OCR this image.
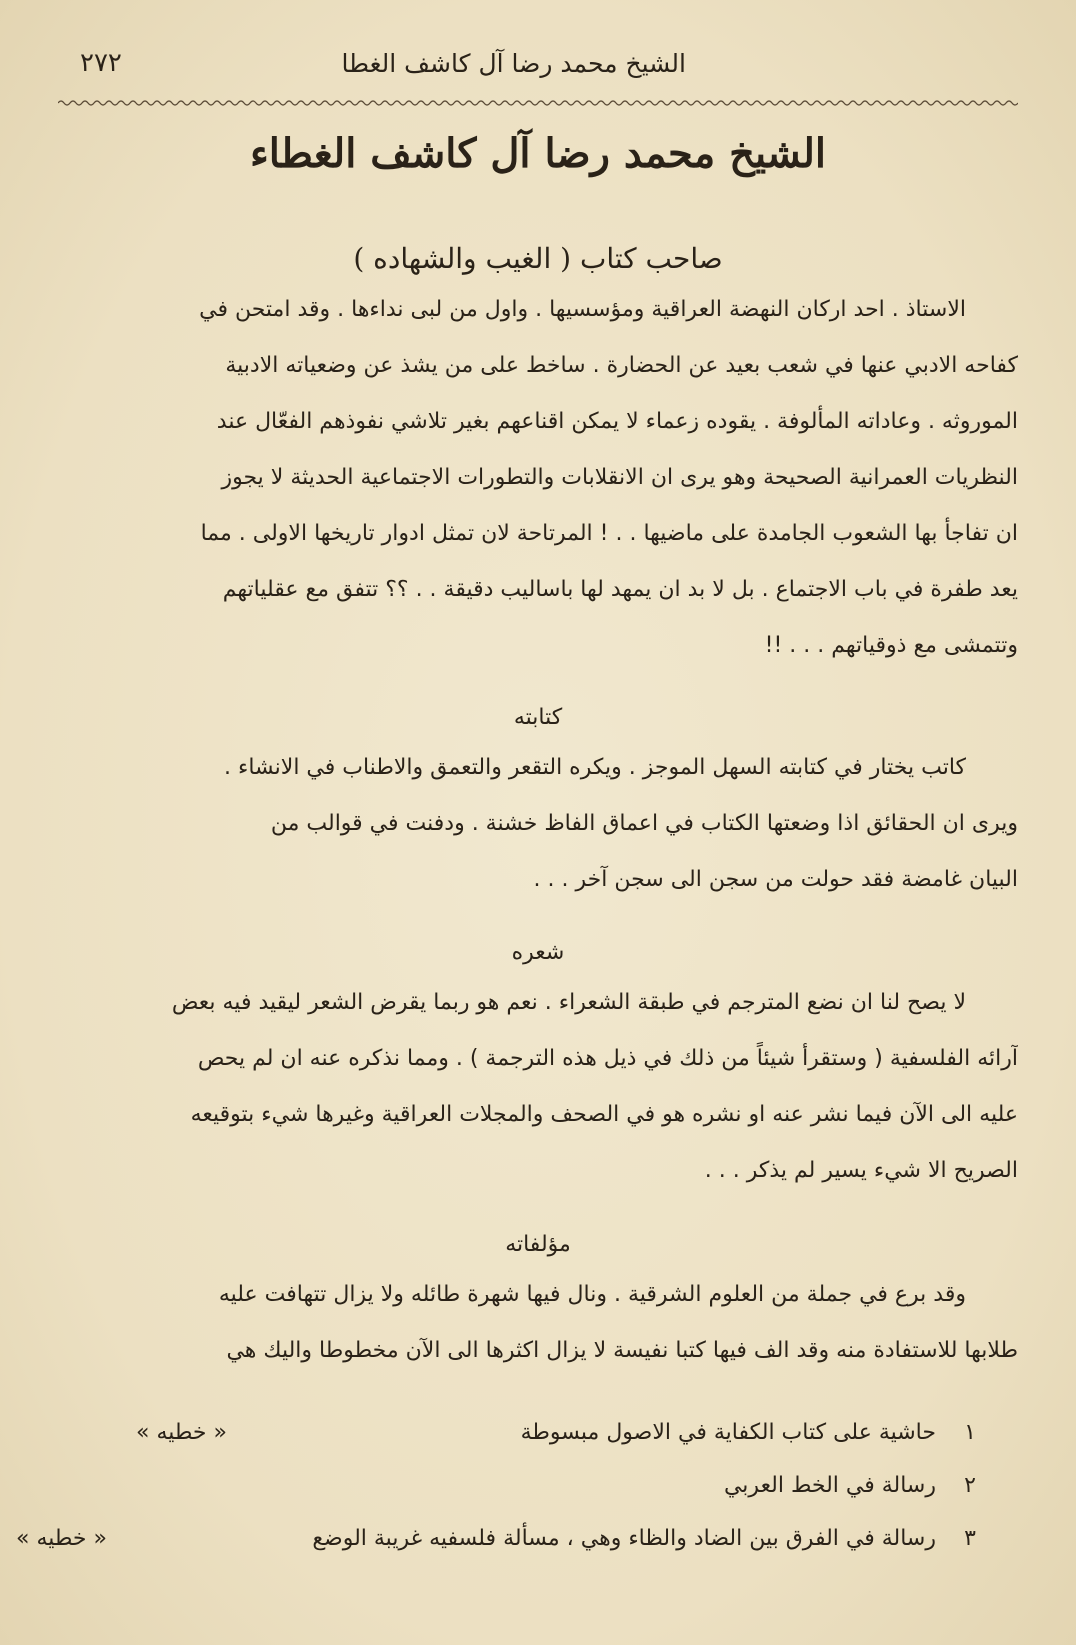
٢٧٢	الشيخ محمد رضا آل كاشف الغطا
الشيخ محمد رضا آل كاشف الغطاء
صاحب كتاب ( الغيب والشهاده )
الاستاذ . احد اركان النهضة العراقية ومؤسسيها . واول من لبى نداءها . وقد امتحن في
كفاحه الادبي عنها في شعب بعيد عن الحضارة . ساخط على من يشذ عن وضعياته الادبية
الموروثه . وعاداته المألوفة . يقوده زعماء لا يمكن اقناعهم بغير تلاشي نفوذهم الفعّال عند
النظريات العمرانية الصحيحة وهو يرى ان الانقلابات والتطورات الاجتماعية الحديثة لا يجوز
ان تفاجأ بها الشعوب الجامدة على ماضيها . . ! المرتاحة لان تمثل ادوار تاريخها الاولى . مما
يعد طفرة في باب الاجتماع . بل لا بد ان يمهد لها باساليب دقيقة . . ؟؟ تتفق مع عقلياتهم
وتتمشى مع ذوقياتهم . . . !!
كتابته
كاتب يختار في كتابته السهل الموجز . ويكره التقعر والتعمق والاطناب في الانشاء .
ويرى ان الحقائق اذا وضعتها الكتاب في اعماق الفاظ خشنة . ودفنت في قوالب من
البيان غامضة فقد حولت من سجن الى سجن آخر . . .
شعره
لا يصح لنا ان نضع المترجم في طبقة الشعراء . نعم هو ربما يقرض الشعر ليقيد فيه بعض
آرائه الفلسفية ( وستقرأ شيئاً من ذلك في ذيل هذه الترجمة ) . ومما نذكره عنه ان لم يحص
عليه الى الآن فيما نشر عنه او نشره هو في الصحف والمجلات العراقية وغيرها شيء بتوقيعه
الصريح الا شيء يسير لم يذكر . . .
مؤلفاته
وقد برع في جملة من العلوم الشرقية . ونال فيها شهرة طائله ولا يزال تتهافت عليه
طلابها للاستفادة منه وقد الف فيها كتبا نفيسة لا يزال اكثرها الى الآن مخطوطا واليك هي
١
حاشية على كتاب الكفاية في الاصول مبسوطة
« خطيه »
٢
رسالة في الخط العربي
٣
رسالة في الفرق بين الضاد والظاء وهي ، مسألة فلسفيه غريبة الوضع
« خطيه »
